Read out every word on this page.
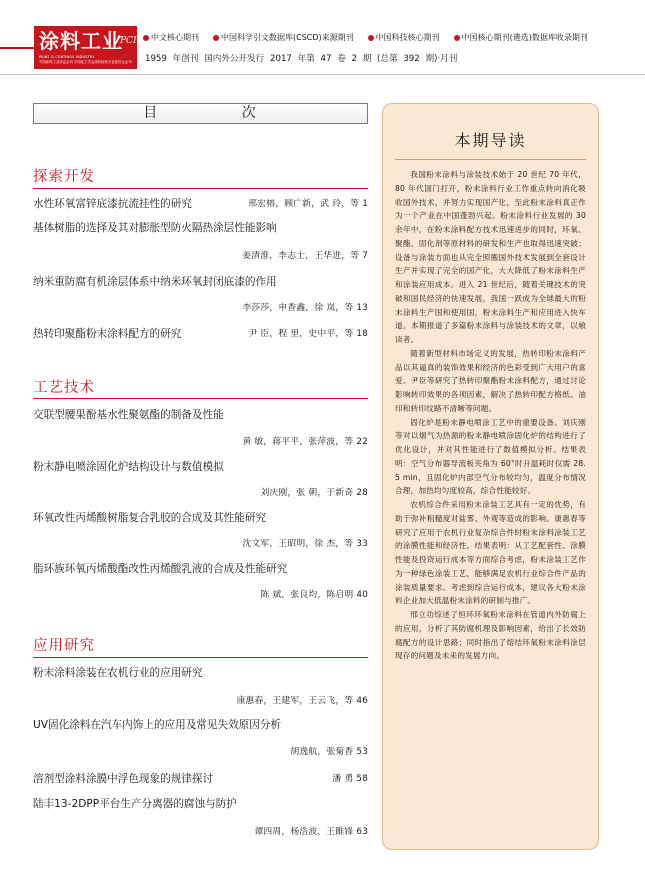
涂料工业
PCI
PAINT & COATINGS INDUSTRY
中国涂料工业协会会刊 中国化工学会涂料涂装专业委员会会刊
中文核心期刊	中国科学引文数据库(CSCD)来源期刊	中国科技核心期刊	中国核心期刊(遴选)数据库收录期刊
1959 年创刊 国内外公开发行 2017 年第 47 卷 2 期 (总第 392 期)·月刊
目 次
探索开发
水性环氧富锌底漆抗流挂性的研究	邢宏榕，顾广新，武 玲，等 1
基体树脂的选择及其对膨胀型防火隔热涂层性能影响
姜清淮，李志士，王华进，等 7
纳米重防腐有机涂层体系中纳米环氧封闭底漆的作用
李莎莎，申香鑫，徐 岚，等 13
热转印聚酯粉末涂料配方的研究	尹 臣，程 里，史中平，等 18
工艺技术
交联型腰果酚基水性聚氨酯的制备及性能
黄 敏，蒋平平，张萍波，等 22
粉末静电喷涂固化炉结构设计与数值模拟
刘庆刚，张 朝，于新奇 28
环氧改性丙烯酸树脂复合乳胶的合成及其性能研究
沈文军，王昭明，徐 杰，等 33
脂环族环氧丙烯酸酯改性丙烯酸乳液的合成及性能研究
陈 斌，张良均，陈启明 40
应用研究
粉末涂料涂装在农机行业的应用研究
康惠春，王建军，王云飞，等 46
UV固化涂料在汽车内饰上的应用及常见失效原因分析
胡逸航，张菊香 53
溶剂型涂料涂膜中浮色现象的规律探讨	潘 勇 58
陆丰13-2DPP平台生产分离器的腐蚀与防护
谭四周，杨浩波，王睢锋 63
本期导读

我国粉末涂料与涂装技术始于 20 世纪 70 年代，80 年代国门打开，粉末涂料行业工作重点转向消化吸收国外技术，并努力实现国产化，至此粉末涂料真正作为一个产业在中国蓬勃兴起。粉末涂料行业发展的 30 余年中，在粉末涂料配方技术迅速进步的同时，环氧、聚酯、固化剂等原材料的研发和生产也取得迅速突破；设备与涂装方面也从完全照搬国外技术发展到全套设计生产并实现了完全的国产化，大大降低了粉末涂料生产和涂装应用成本。进入 21 世纪后，随着关键技术的突破和国民经济的快速发展，我国一跃成为全球最大的粉末涂料生产国和使用国，粉末涂料生产和应用进入快车道。本期报道了多篇粉末涂料与涂装技术的文章，以飨读者。

随着新型材料市场定义的发展，热转印粉末涂料产品以其逼真的装饰效果和经济的色彩受到广大用户的喜爱。尹臣等研究了热转印聚酯粉末涂料配方，通过讨论影响转印效果的各项因素，解决了热转印配方格纸、油印和转印纹路不清晰等问题。

固化炉是粉末静电喷涂工艺中的重要设备。刘庆刚等对以烟气为热源的粉末静电喷涂固化炉的结构进行了优化设计，并对其性能进行了数值模拟分析。结果表明：空气分布器导流板夹角为 60°时升温耗时仅需 28.5 min，且固化炉内部空气分布较均匀，温度分布情况合理，加热均匀度较高，综合性能较好。

农机综合件采用粉末涂装工艺具有一定的优势，有助于弥补粗糙度对盐雾、外观等造成的影响。康惠春等研究了应用于农机行业复杂综合件时粉末涂料涂装工艺的涂膜性能和经济性。结果表明：从工艺配套性、涂膜性能及投资运行成本等方面综合考虑，粉末涂装工艺作为一种绿色涂装工艺，能够满足农机行业综合件产品的涂装质量要求。考虑到综合运行成本，建议各大粉末涂料企业加大低温粉末涂料的研制与推广。

邢立功综述了恒环环氧粉末涂料在管道内外防腐上的应用，分析了其防腐机理及影响因素，给出了长效防腐配方的设计思路；同时指出了熔结环氧粉末涂料涂层现存的问题及未来的发展方向。
